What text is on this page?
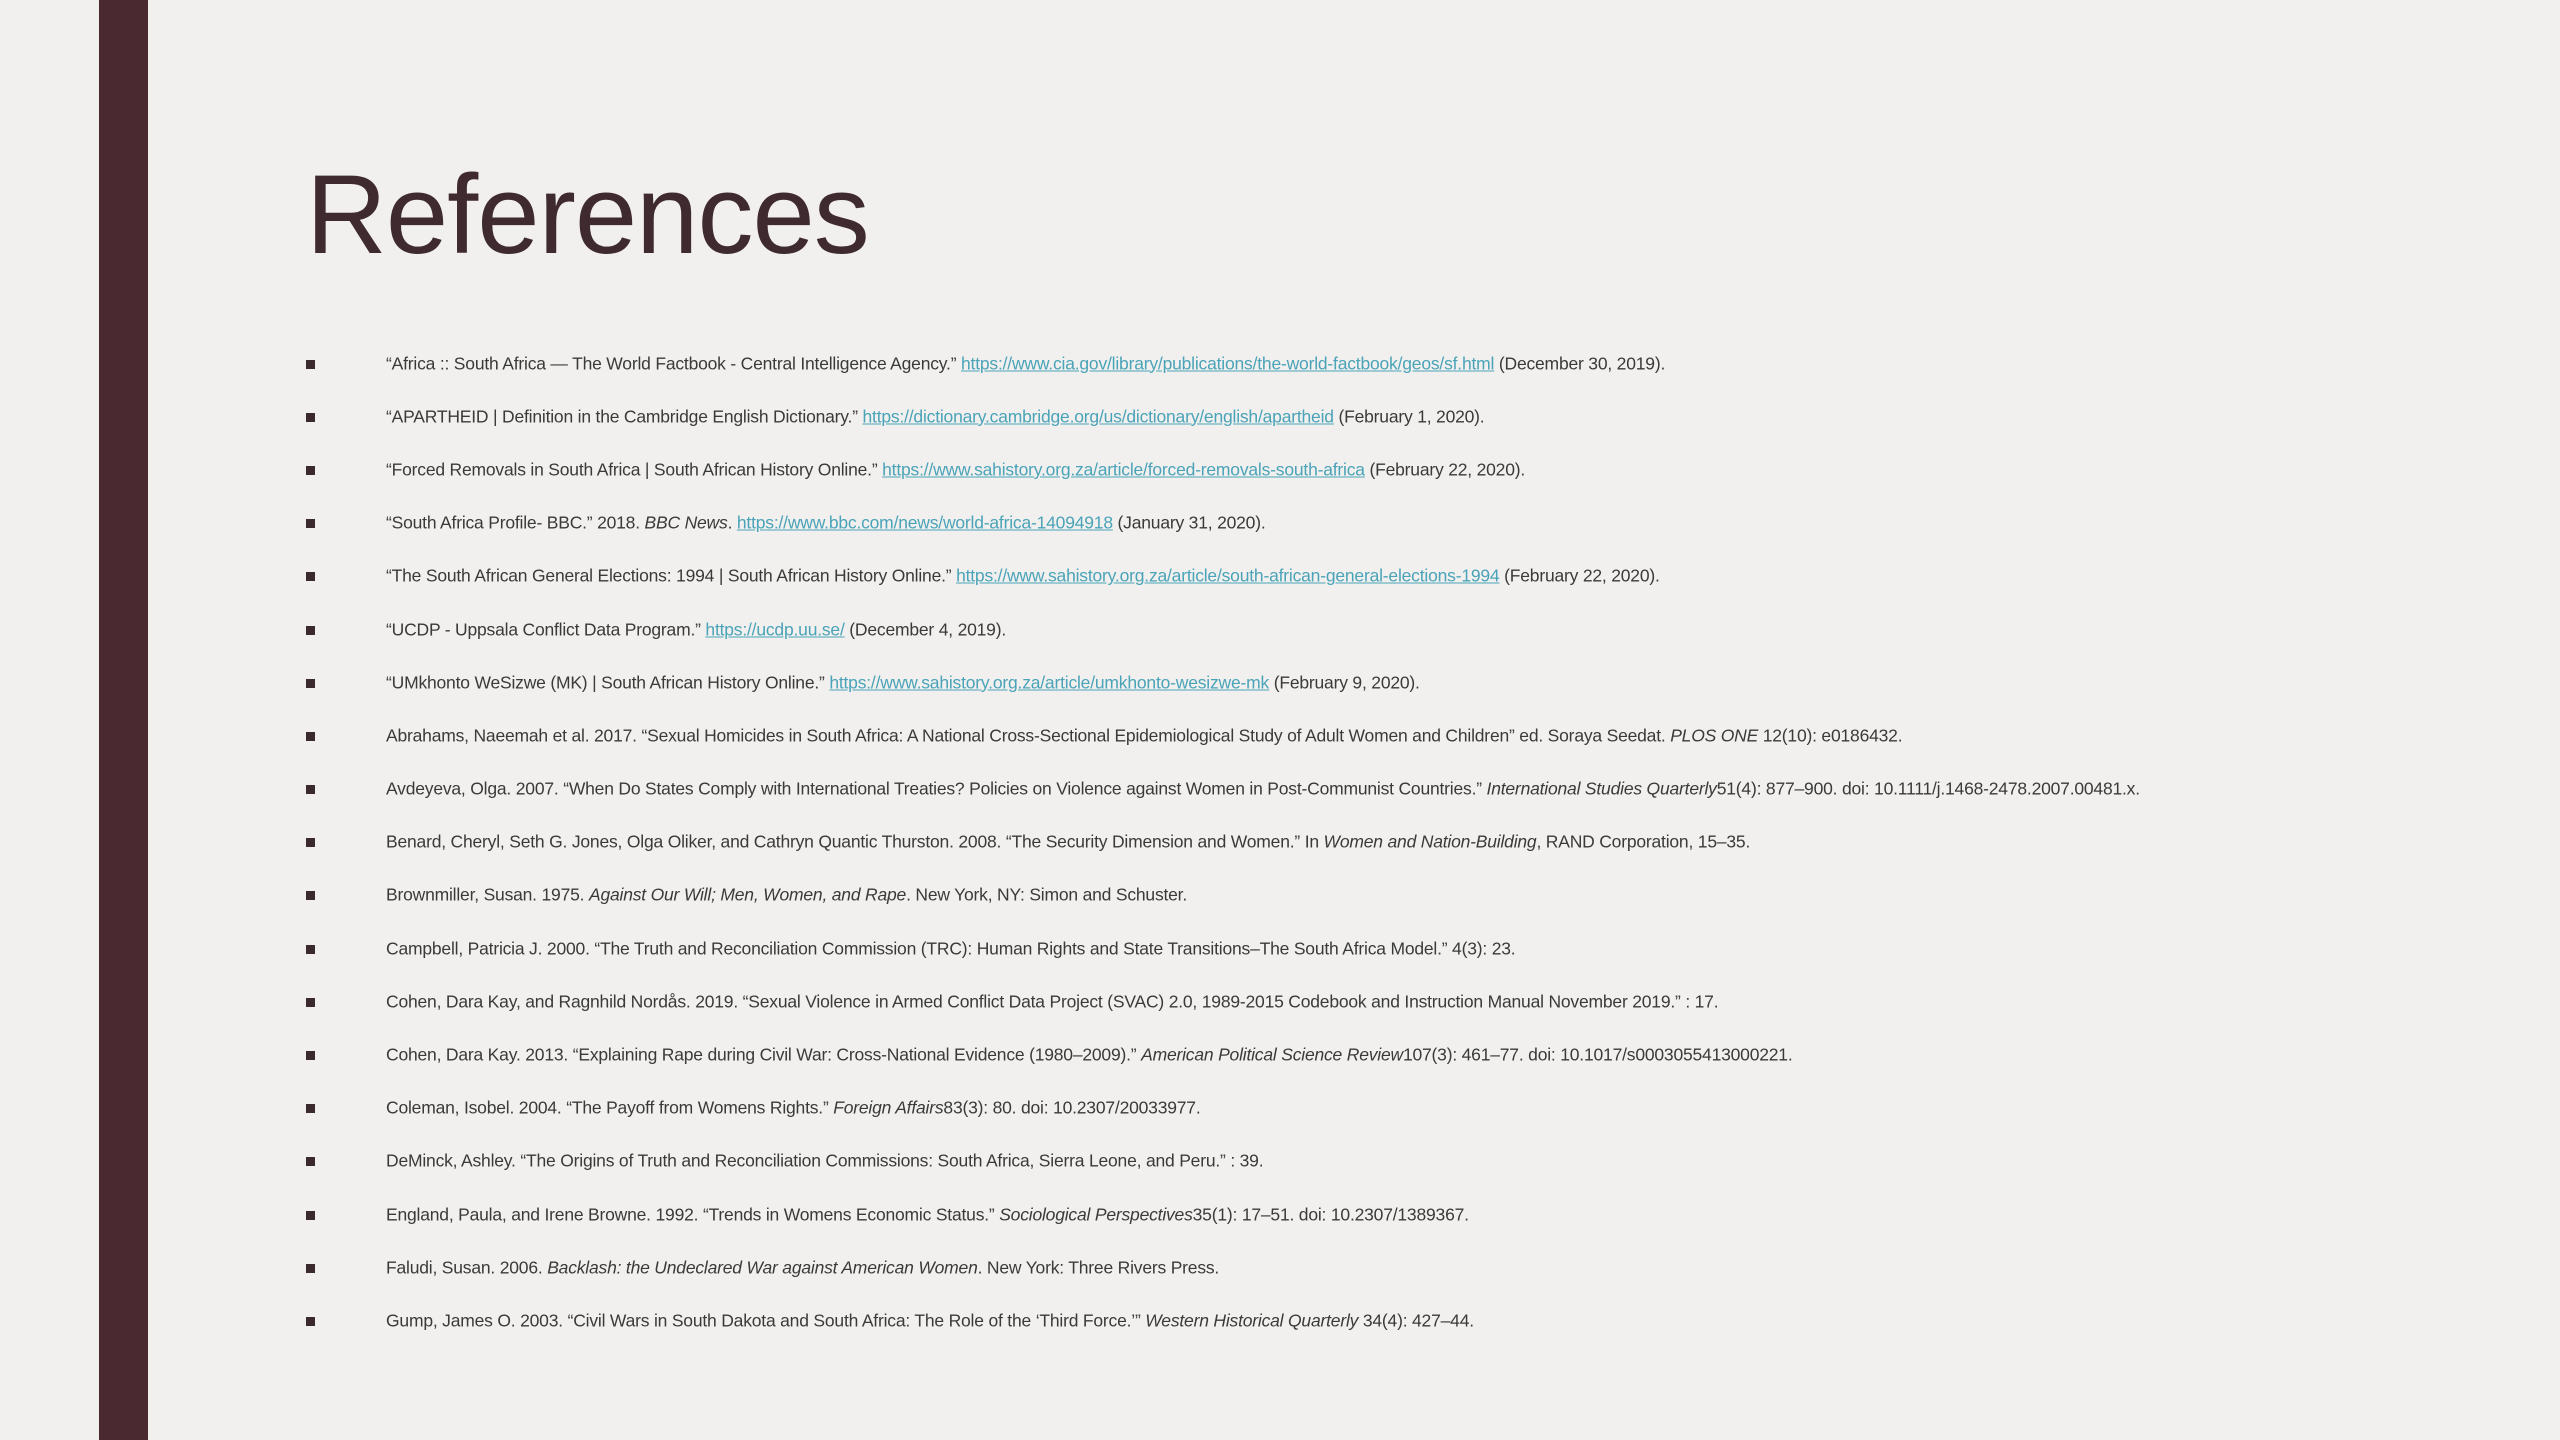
References
“Africa :: South Africa — The World Factbook - Central Intelligence Agency.” https://www.cia.gov/library/publications/the-world-factbook/geos/sf.html (December 30, 2019).
“APARTHEID | Definition in the Cambridge English Dictionary.” https://dictionary.cambridge.org/us/dictionary/english/apartheid (February 1, 2020).
“Forced Removals in South Africa | South African History Online.” https://www.sahistory.org.za/article/forced-removals-south-africa (February 22, 2020).
“South Africa Profile- BBC.” 2018. BBC News. https://www.bbc.com/news/world-africa-14094918 (January 31, 2020).
“The South African General Elections: 1994 | South African History Online.” https://www.sahistory.org.za/article/south-african-general-elections-1994 (February 22, 2020).
“UCDP - Uppsala Conflict Data Program.” https://ucdp.uu.se/ (December 4, 2019).
“UMkhonto WeSizwe (MK) | South African History Online.” https://www.sahistory.org.za/article/umkhonto-wesizwe-mk (February 9, 2020).
Abrahams, Naeemah et al. 2017. “Sexual Homicides in South Africa: A National Cross-Sectional Epidemiological Study of Adult Women and Children” ed. Soraya Seedat. PLOS ONE 12(10): e0186432.
Avdeyeva, Olga. 2007. “When Do States Comply with International Treaties? Policies on Violence against Women in Post-Communist Countries.” International Studies Quarterly51(4): 877–900. doi: 10.1111/j.1468-2478.2007.00481.x.
Benard, Cheryl, Seth G. Jones, Olga Oliker, and Cathryn Quantic Thurston. 2008. “The Security Dimension and Women.” In Women and Nation-Building, RAND Corporation, 15–35.
Brownmiller, Susan. 1975. Against Our Will; Men, Women, and Rape. New York, NY: Simon and Schuster.
Campbell, Patricia J. 2000. “The Truth and Reconciliation Commission (TRC): Human Rights and State Transitions–The South Africa Model.” 4(3): 23.
Cohen, Dara Kay, and Ragnhild Nordås. 2019. “Sexual Violence in Armed Conflict Data Project (SVAC) 2.0, 1989-2015 Codebook and Instruction Manual November 2019.” : 17.
Cohen, Dara Kay. 2013. “Explaining Rape during Civil War: Cross-National Evidence (1980–2009).” American Political Science Review107(3): 461–77. doi: 10.1017/s0003055413000221.
Coleman, Isobel. 2004. “The Payoff from Womens Rights.” Foreign Affairs83(3): 80. doi: 10.2307/20033977.
DeMinck, Ashley. “The Origins of Truth and Reconciliation Commissions: South Africa, Sierra Leone, and Peru.” : 39.
England, Paula, and Irene Browne. 1992. “Trends in Womens Economic Status.” Sociological Perspectives35(1): 17–51. doi: 10.2307/1389367.
Faludi, Susan. 2006. Backlash: the Undeclared War against American Women. New York: Three Rivers Press.
Gump, James O. 2003. “Civil Wars in South Dakota and South Africa: The Role of the ‘Third Force.’” Western Historical Quarterly 34(4): 427–44.
